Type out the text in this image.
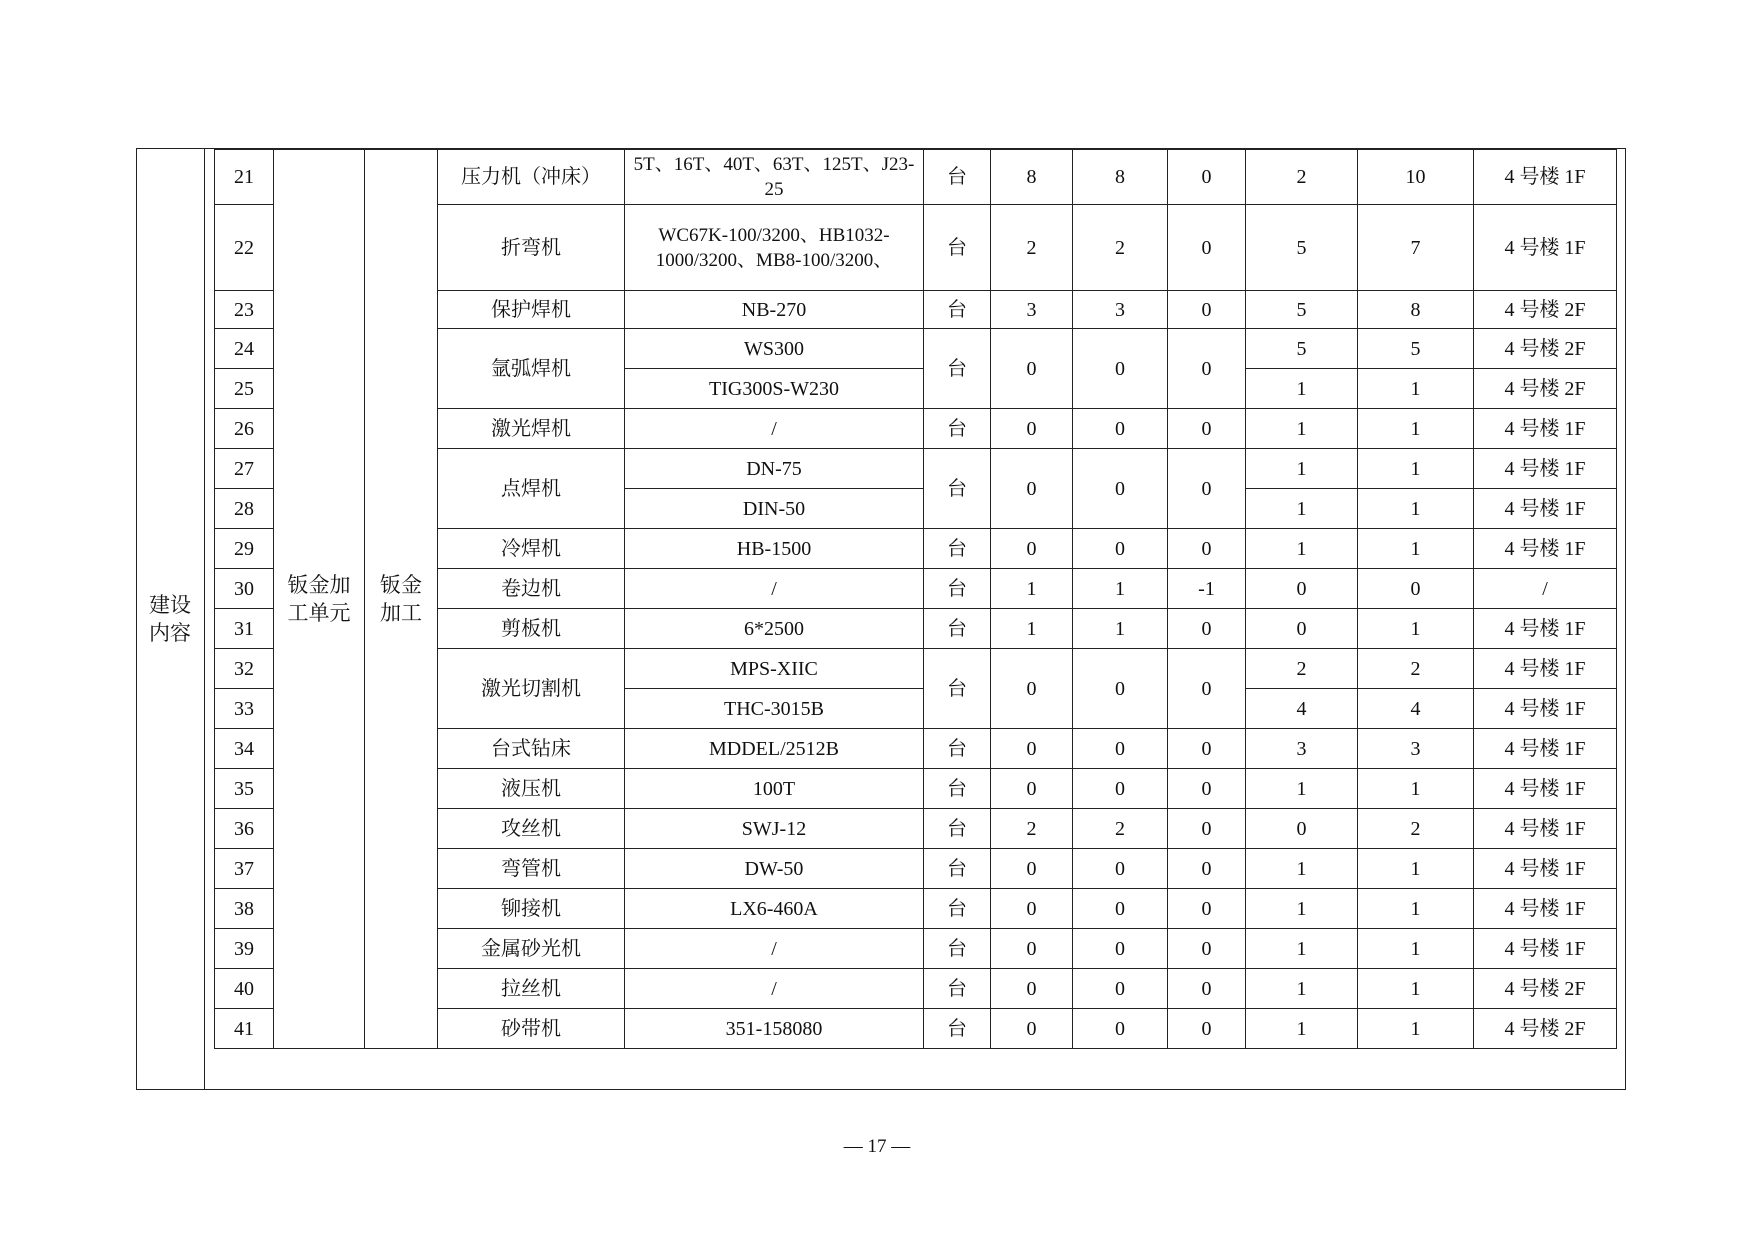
建设内容
21	钣金加工单元	钣金加工	压力机（冲床）	5T、16T、40T、63T、125T、J23-25	台	8	8	0	2	10	4 号楼 1F
22			折弯机	WC67K-100/3200、HB1032-1000/3200、MB8-100/3200、	台	2	2	0	5	7	4 号楼 1F
23			保护焊机	NB-270	台	3	3	0	5	8	4 号楼 2F
24			氩弧焊机	WS300	台	0	0	0	5	5	4 号楼 2F
25				TIG300S-W230					1	1	4 号楼 2F
26			激光焊机	/	台	0	0	0	1	1	4 号楼 1F
27			点焊机	DN-75	台	0	0	0	1	1	4 号楼 1F
28				DIN-50					1	1	4 号楼 1F
29			冷焊机	HB-1500	台	0	0	0	1	1	4 号楼 1F
30			卷边机	/	台	1	1	-1	0	0	/
31			剪板机	6*2500	台	1	1	0	0	1	4 号楼 1F
32			激光切割机	MPS-XIIC	台	0	0	0	2	2	4 号楼 1F
33				THC-3015B					4	4	4 号楼 1F
34			台式钻床	MDDEL/2512B	台	0	0	0	3	3	4 号楼 1F
35			液压机	100T	台	0	0	0	1	1	4 号楼 1F
36			攻丝机	SWJ-12	台	2	2	0	0	2	4 号楼 1F
37			弯管机	DW-50	台	0	0	0	1	1	4 号楼 1F
38			铆接机	LX6-460A	台	0	0	0	1	1	4 号楼 1F
39			金属砂光机	/	台	0	0	0	1	1	4 号楼 1F
40			拉丝机	/	台	0	0	0	1	1	4 号楼 2F
41			砂带机	351-158080	台	0	0	0	1	1	4 号楼 2F
— 17 —
